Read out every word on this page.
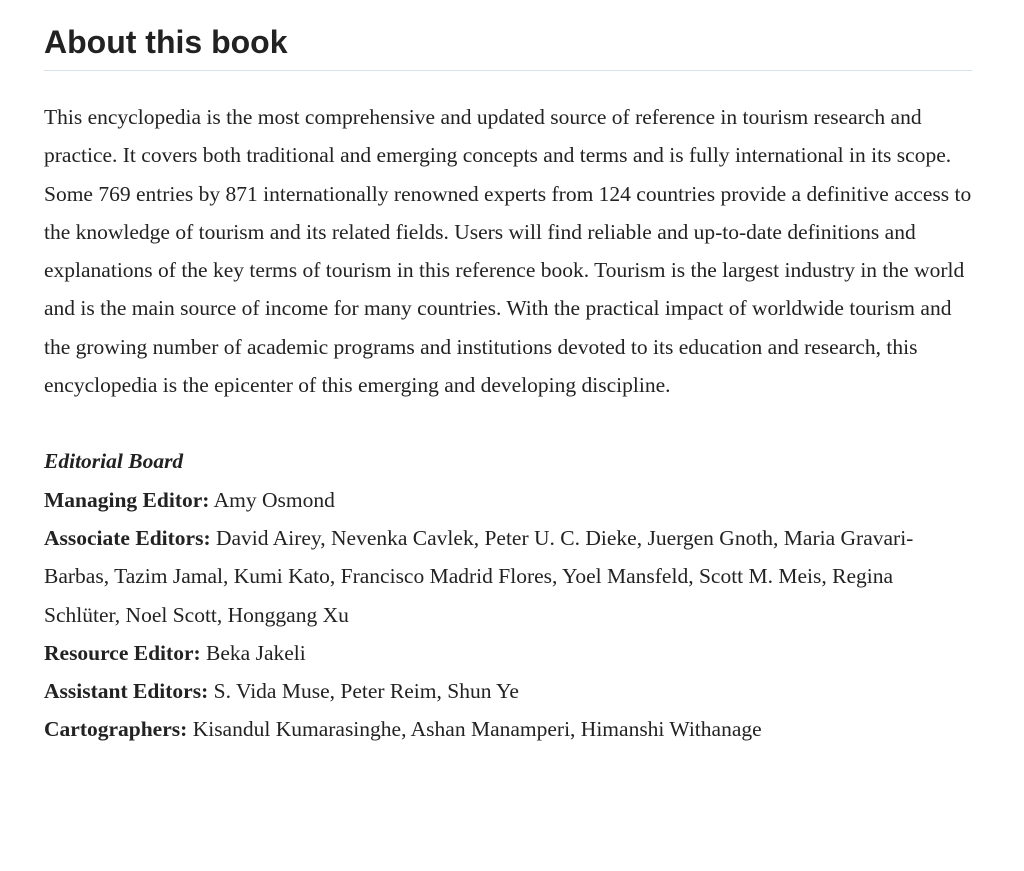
About this book

This encyclopedia is the most comprehensive and updated source of reference in tourism research and practice. It covers both traditional and emerging concepts and terms and is fully international in its scope. Some 769 entries by 871 internationally renowned experts from 124 countries provide a definitive access to the knowledge of tourism and its related fields. Users will find reliable and up-to-date definitions and explanations of the key terms of tourism in this reference book. Tourism is the largest industry in the world and is the main source of income for many countries. With the practical impact of worldwide tourism and the growing number of academic programs and institutions devoted to its education and research, this encyclopedia is the epicenter of this emerging and developing discipline.

Editorial Board
Managing Editor: Amy Osmond
Associate Editors: David Airey, Nevenka Cavlek, Peter U. C. Dieke, Juergen Gnoth, Maria Gravari-Barbas, Tazim Jamal, Kumi Kato, Francisco Madrid Flores, Yoel Mansfeld, Scott M. Meis, Regina Schlüter, Noel Scott, Honggang Xu
Resource Editor: Beka Jakeli
Assistant Editors: S. Vida Muse, Peter Reim, Shun Ye
Cartographers: Kisandul Kumarasinghe, Ashan Manamperi, Himanshi Withanage
